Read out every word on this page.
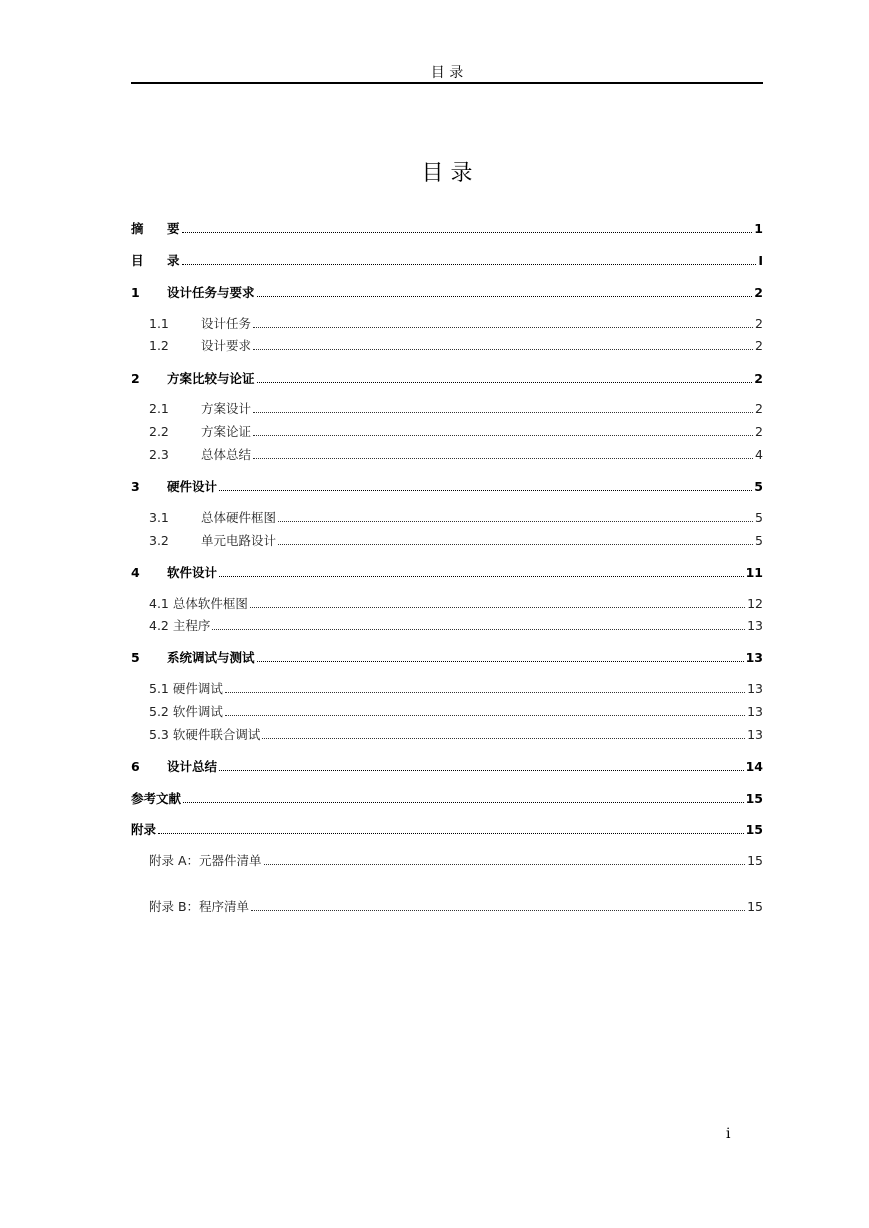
目 录
目 录
摘	要	1
目	录	I
1	设计任务与要求	2
1.1	设计任务	2
1.2	设计要求	2
2	方案比较与论证	2
2.1	方案设计	2
2.2	方案论证	2
2.3	总体总结	4
3	硬件设计	5
3.1	总体硬件框图	5
3.2	单元电路设计	5
4	软件设计	11
4.1 总体软件框图	12
4.2 主程序	13
5	系统调试与测试	13
5.1 硬件调试	13
5.2 软件调试	13
5.3 软硬件联合调试	13
6	设计总结	14
参考文献	15
附录	15
附录 A：元器件清单	15
附录 B：程序清单	15
i
